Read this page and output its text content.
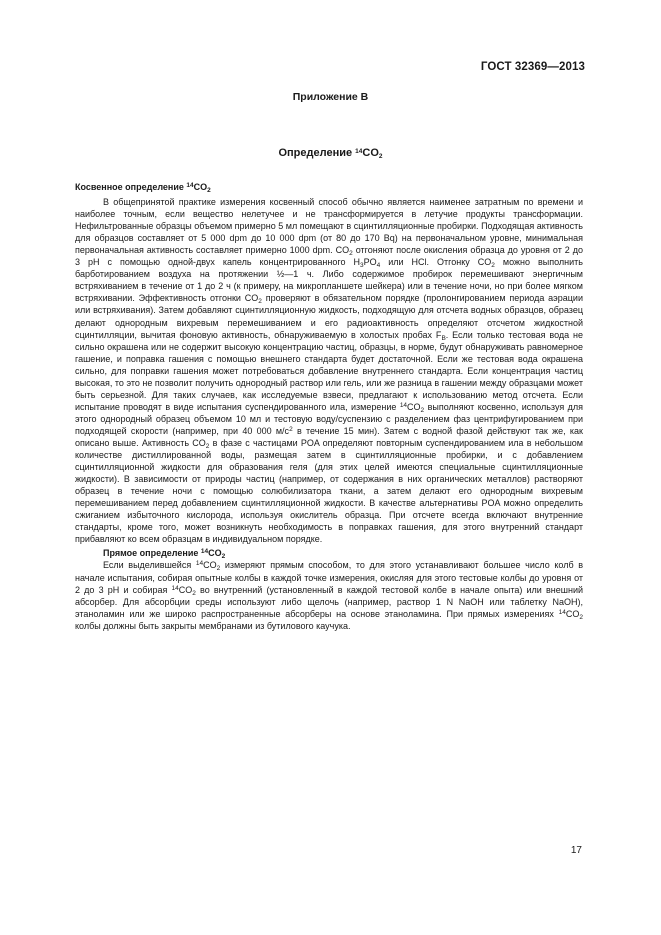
ГОСТ 32369—2013
Приложение В
Определение $^{14}CO_2$
Косвенное определение $^{14}CO_2$

В общепринятой практике измерения косвенный способ обычно является наименее затратным по времени и наиболее точным, если вещество нелетучее и не трансформируется в летучие продукты трансформации. Нефильтрованные образцы объемом примерно 5 мл помещают в сцинтилляционные пробирки. Подходящая активность для образцов составляет от 5 000 dpm до 10 000 dpm (от 80 до 170 Bq) на первоначальном уровне, минимальная первоначальная активность составляет примерно 1000 dpm. $CO_2$ отгоняют после окисления образца до уровня от 2 до 3 pH с помощью одной-двух капель концентрированного $H_3PO_4$ или HCl. Отгонку $CO_2$ можно выполнить барботированием воздуха на протяжении ½—1 ч. Либо содержимое пробирок перемешивают энергичным встряхиванием в течение от 1 до 2 ч (к примеру, на микропланшете шейкера) или в течение ночи, но при более мягком встряхивании. Эффективность отгонки $CO_2$ проверяют в обязательном порядке (пролонгированием периода аэрации или встряхивания). Затем добавляют сцинтилляционную жидкость, подходящую для отсчета водных образцов, образец делают однородным вихревым перемешиванием и его радиоактивность определяют отсчетом жидкостной сцинтилляции, вычитая фоновую активность, обнаруживаемую в холостых пробах $F_B$. Если только тестовая вода не сильно окрашена или не содержит высокую концентрацию частиц, образцы, в норме, будут обнаруживать равномерное гашение, и поправка гашения с помощью внешнего стандарта будет достаточной. Если же тестовая вода окрашена сильно, для поправки гашения может потребоваться добавление внутреннего стандарта. Если концентрация частиц высокая, то это не позволит получить однородный раствор или гель, или же разница в гашении между образцами может быть серьезной. Для таких случаев, как исследуемые взвеси, предлагают к использованию метод отсчета. Если испытание проводят в виде испытания суспендированного ила, измерение $^{14}CO_2$ выполняют косвенно, используя для этого однородный образец объемом 10 мл и тестовую воду/суспензию с разделением фаз центрифугированием при подходящей скорости (например, при 40 000 $м/с^2$ в течение 15 мин). Затем с водной фазой действуют так же, как описано выше. Активность $CO_2$ в фазе с частицами POA определяют повторным суспендированием ила в небольшом количестве дистиллированной воды, размещая затем в сцинтилляционные пробирки, и с добавлением сцинтилляционной жидкости для образования геля (для этих целей имеются специальные сцинтилляционные жидкости). В зависимости от природы частиц (например, от содержания в них органических металлов) растворяют образец в течение ночи с помощью солюбилизатора ткани, а затем делают его однородным вихревым перемешиванием перед добавлением сцинтилляционной жидкости. В качестве альтернативы POA можно определить сжиганием избыточного кислорода, используя окислитель образца. При отсчете всегда включают внутренние стандарты, кроме того, может возникнуть необходимость в поправках гашения, для этого внутренний стандарт прибавляют ко всем образцам в индивидуальном порядке.

Прямое определение $^{14}CO_2$

Если выделившейся $^{14}CO_2$ измеряют прямым способом, то для этого устанавливают большее число колб в начале испытания, собирая опытные колбы в каждой точке измерения, окисляя для этого тестовые колбы до уровня от 2 до 3 pH и собирая $^{14}CO_2$ во внутренний (установленный в каждой тестовой колбе в начале опыта) или внешний абсорбер. Для абсорбции среды используют либо щелочь (например, раствор 1 N NaOH или таблетку NaOH), этаноламин или же широко распространенные абсорберы на основе этаноламина. При прямых измерениях $^{14}CO_2$ колбы должны быть закрыты мембранами из бутилового каучука.

17
